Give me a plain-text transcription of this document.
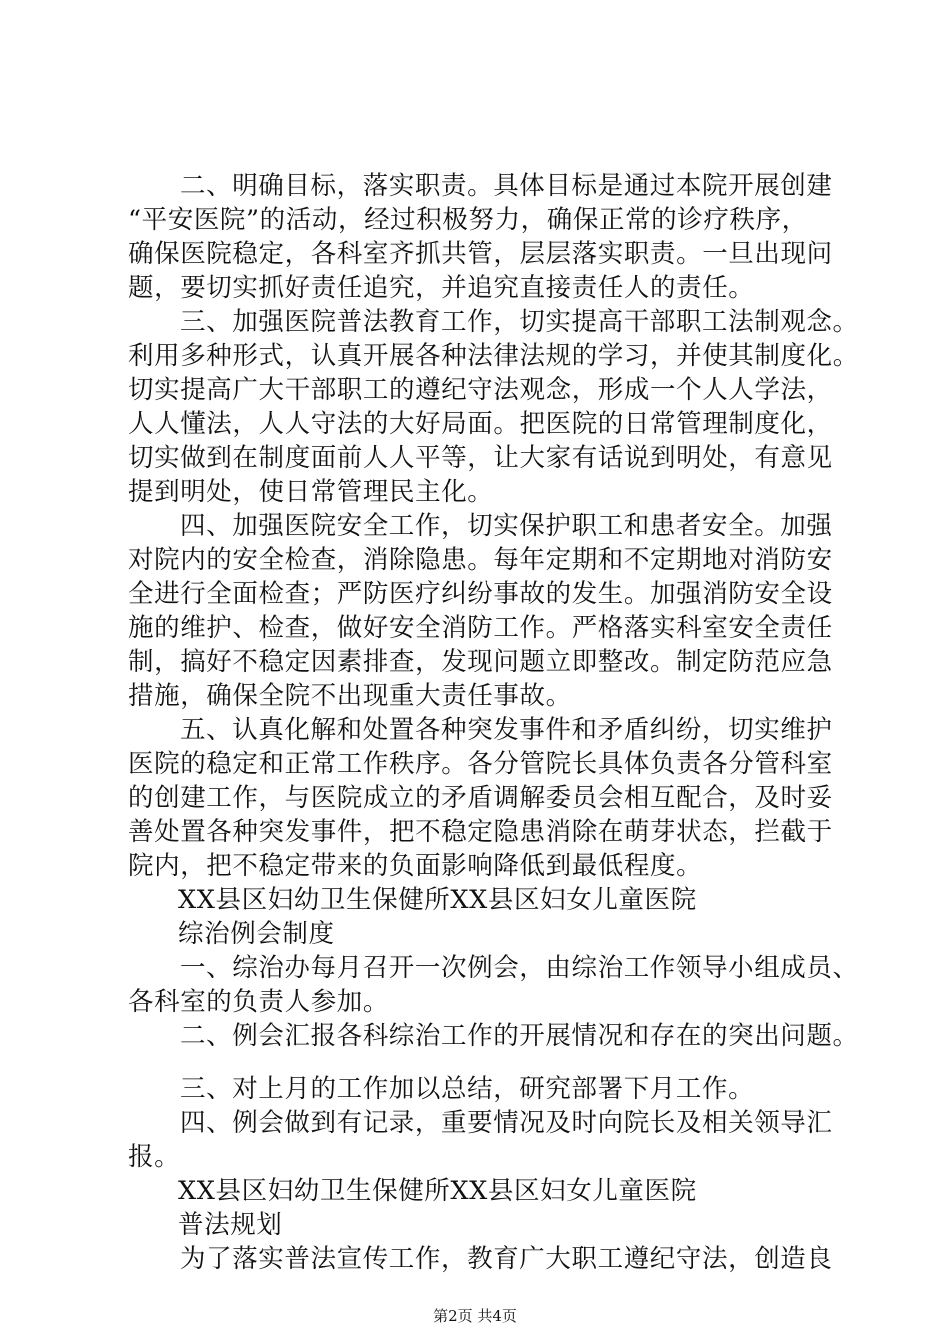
二、明确目标，落实职责。具体目标是通过本院开展创建
“平安医院”的活动，经过积极努力，确保正常的诊疗秩序，
确保医院稳定，各科室齐抓共管，层层落实职责。一旦出现问
题，要切实抓好责任追究，并追究直接责任人的责任。
三、加强医院普法教育工作，切实提高干部职工法制观念。
利用多种形式，认真开展各种法律法规的学习，并使其制度化。
切实提高广大干部职工的遵纪守法观念，形成一个人人学法，
人人懂法，人人守法的大好局面。把医院的日常管理制度化，
切实做到在制度面前人人平等，让大家有话说到明处，有意见
提到明处，使日常管理民主化。
四、加强医院安全工作，切实保护职工和患者安全。加强
对院内的安全检查，消除隐患。每年定期和不定期地对消防安
全进行全面检查；严防医疗纠纷事故的发生。加强消防安全设
施的维护、检查，做好安全消防工作。严格落实科室安全责任
制，搞好不稳定因素排查，发现问题立即整改。制定防范应急
措施，确保全院不出现重大责任事故。
五、认真化解和处置各种突发事件和矛盾纠纷，切实维护
医院的稳定和正常工作秩序。各分管院长具体负责各分管科室
的创建工作，与医院成立的矛盾调解委员会相互配合，及时妥
善处置各种突发事件，把不稳定隐患消除在萌芽状态，拦截于
院内，把不稳定带来的负面影响降低到最低程度。
XX县区妇幼卫生保健所XX县区妇女儿童医院
综治例会制度
一、综治办每月召开一次例会，由综治工作领导小组成员、
各科室的负责人参加。
二、例会汇报各科综治工作的开展情况和存在的突出问题。
三、对上月的工作加以总结，研究部署下月工作。
四、例会做到有记录，重要情况及时向院长及相关领导汇
报。
XX县区妇幼卫生保健所XX县区妇女儿童医院
普法规划
为了落实普法宣传工作，教育广大职工遵纪守法，创造良
第2页 共4页
